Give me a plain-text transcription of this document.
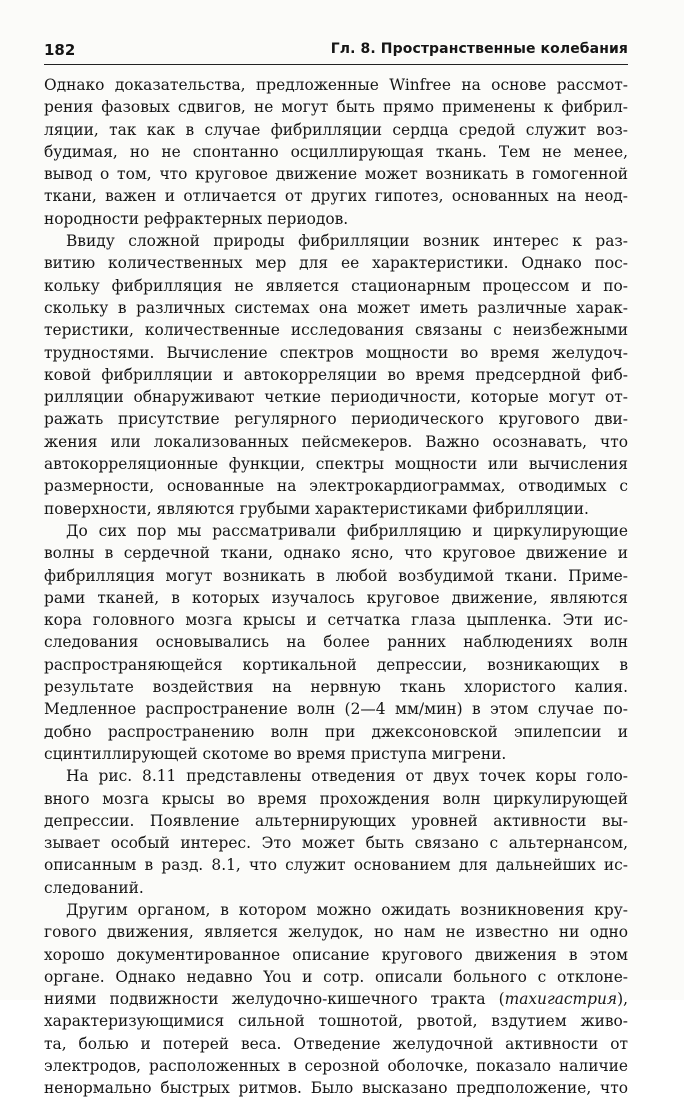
182	Гл. 8. Пространственные колебания

Однако доказательства, предложенные Winfree на основе рассмот-
рения фазовых сдвигов, не могут быть прямо применены к фибрил-
ляции, так как в случае фибрилляции сердца средой служит воз-
будимая, но не спонтанно осциллирующая ткань. Тем не менее,
вывод о том, что круговое движение может возникать в гомогенной
ткани, важен и отличается от других гипотез, основанных на неод-
нородности рефрактерных периодов.

Ввиду сложной природы фибрилляции возник интерес к раз-
витию количественных мер для ее характеристики. Однако пос-
кольку фибрилляция не является стационарным процессом и по-
скольку в различных системах она может иметь различные харак-
теристики, количественные исследования связаны с неизбежными
трудностями. Вычисление спектров мощности во время желудоч-
ковой фибрилляции и автокорреляции во время предсердной фиб-
рилляции обнаруживают четкие периодичности, которые могут от-
ражать присутствие регулярного периодического кругового дви-
жения или локализованных пейсмекеров. Важно осознавать, что
автокорреляционные функции, спектры мощности или вычисления
размерности, основанные на электрокардиограммах, отводимых с
поверхности, являются грубыми характеристиками фибрилляции.

До сих пор мы рассматривали фибрилляцию и циркулирующие
волны в сердечной ткани, однако ясно, что круговое движение и
фибрилляция могут возникать в любой возбудимой ткани. Приме-
рами тканей, в которых изучалось круговое движение, являются
кора головного мозга крысы и сетчатка глаза цыпленка. Эти ис-
следования основывались на более ранних наблюдениях волн
распространяющейся кортикальной депрессии, возникающих в
результате воздействия на нервную ткань хлористого калия.
Медленное распространение волн (2—4 мм/мин) в этом случае по-
добно распространению волн при джексоновской эпилепсии и
сцинтиллирующей скотоме во время приступа мигрени.

На рис. 8.11 представлены отведения от двух точек коры голо-
вного мозга крысы во время прохождения волн циркулирующей
депрессии. Появление альтернирующих уровней активности вы-
зывает особый интерес. Это может быть связано с альтернансом,
описанным в разд. 8.1, что служит основанием для дальнейших ис-
следований.

Другим органом, в котором можно ожидать возникновения кру-
гового движения, является желудок, но нам не известно ни одно
хорошо документированное описание кругового движения в этом
органе. Однако недавно You и сотр. описали больного с отклоне-
ниями подвижности желудочно-кишечного тракта (тахигастрия),
характеризующимися сильной тошнотой, рвотой, вздутием живо-
та, болью и потерей веса. Отведение желудочной активности от
электродов, расположенных в серозной оболочке, показало наличие
ненормально быстрых ритмов. Было высказано предположение, что
